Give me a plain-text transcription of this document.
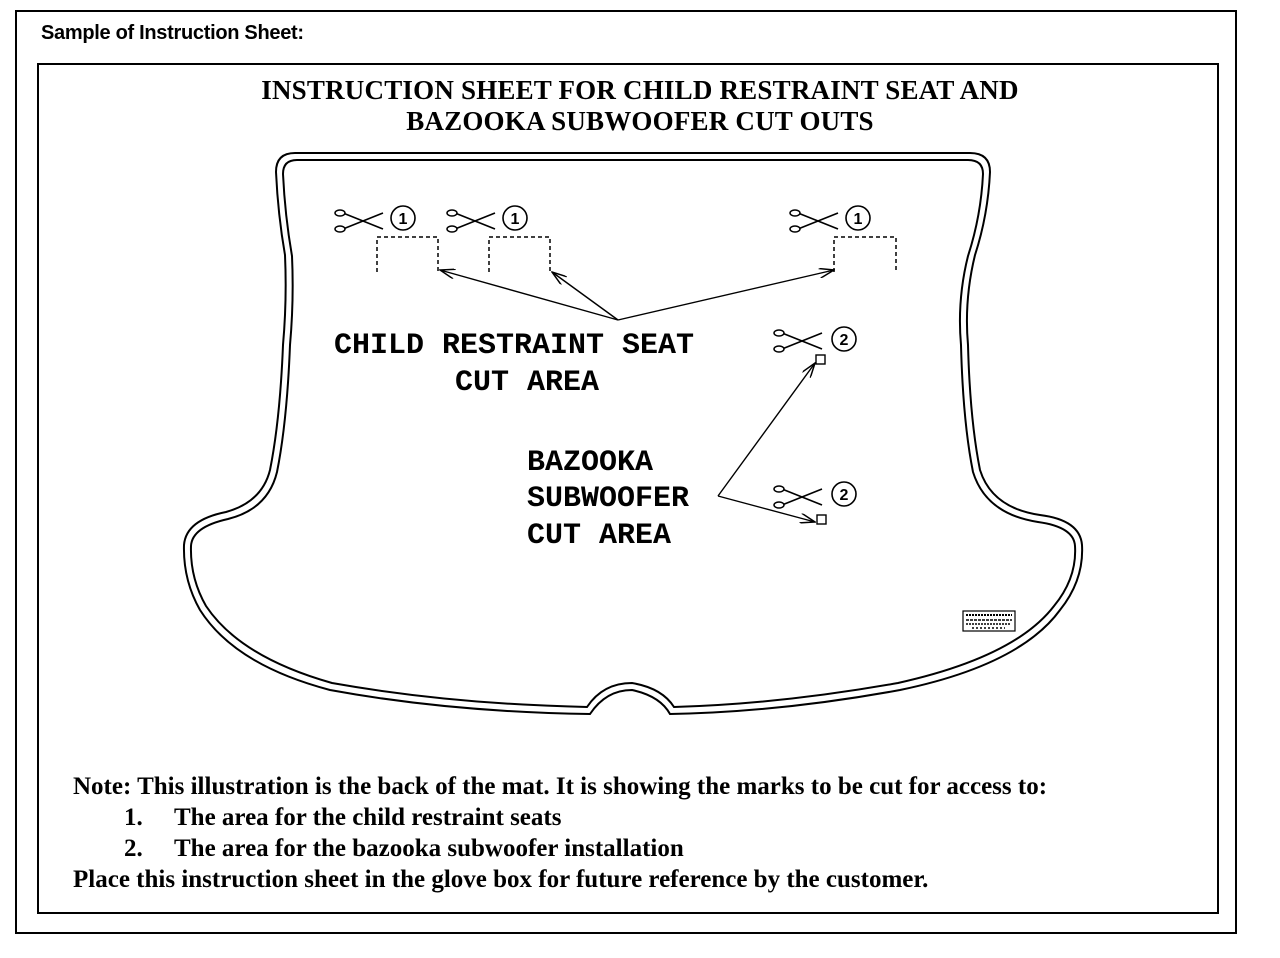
Sample of Instruction Sheet:
INSTRUCTION SHEET FOR CHILD RESTRAINT SEAT AND
BAZOOKA SUBWOOFER CUT OUTS
1	1	1
CHILD RESTRAINT SEAT
CUT AREA
2
2
BAZOOKA
SUBWOOFER
CUT AREA
Note: This illustration is the back of the mat. It is showing the marks to be cut for access to:
1. The area for the child restraint seats
2. The area for the bazooka subwoofer installation
Place this instruction sheet in the glove box for future reference by the customer.
